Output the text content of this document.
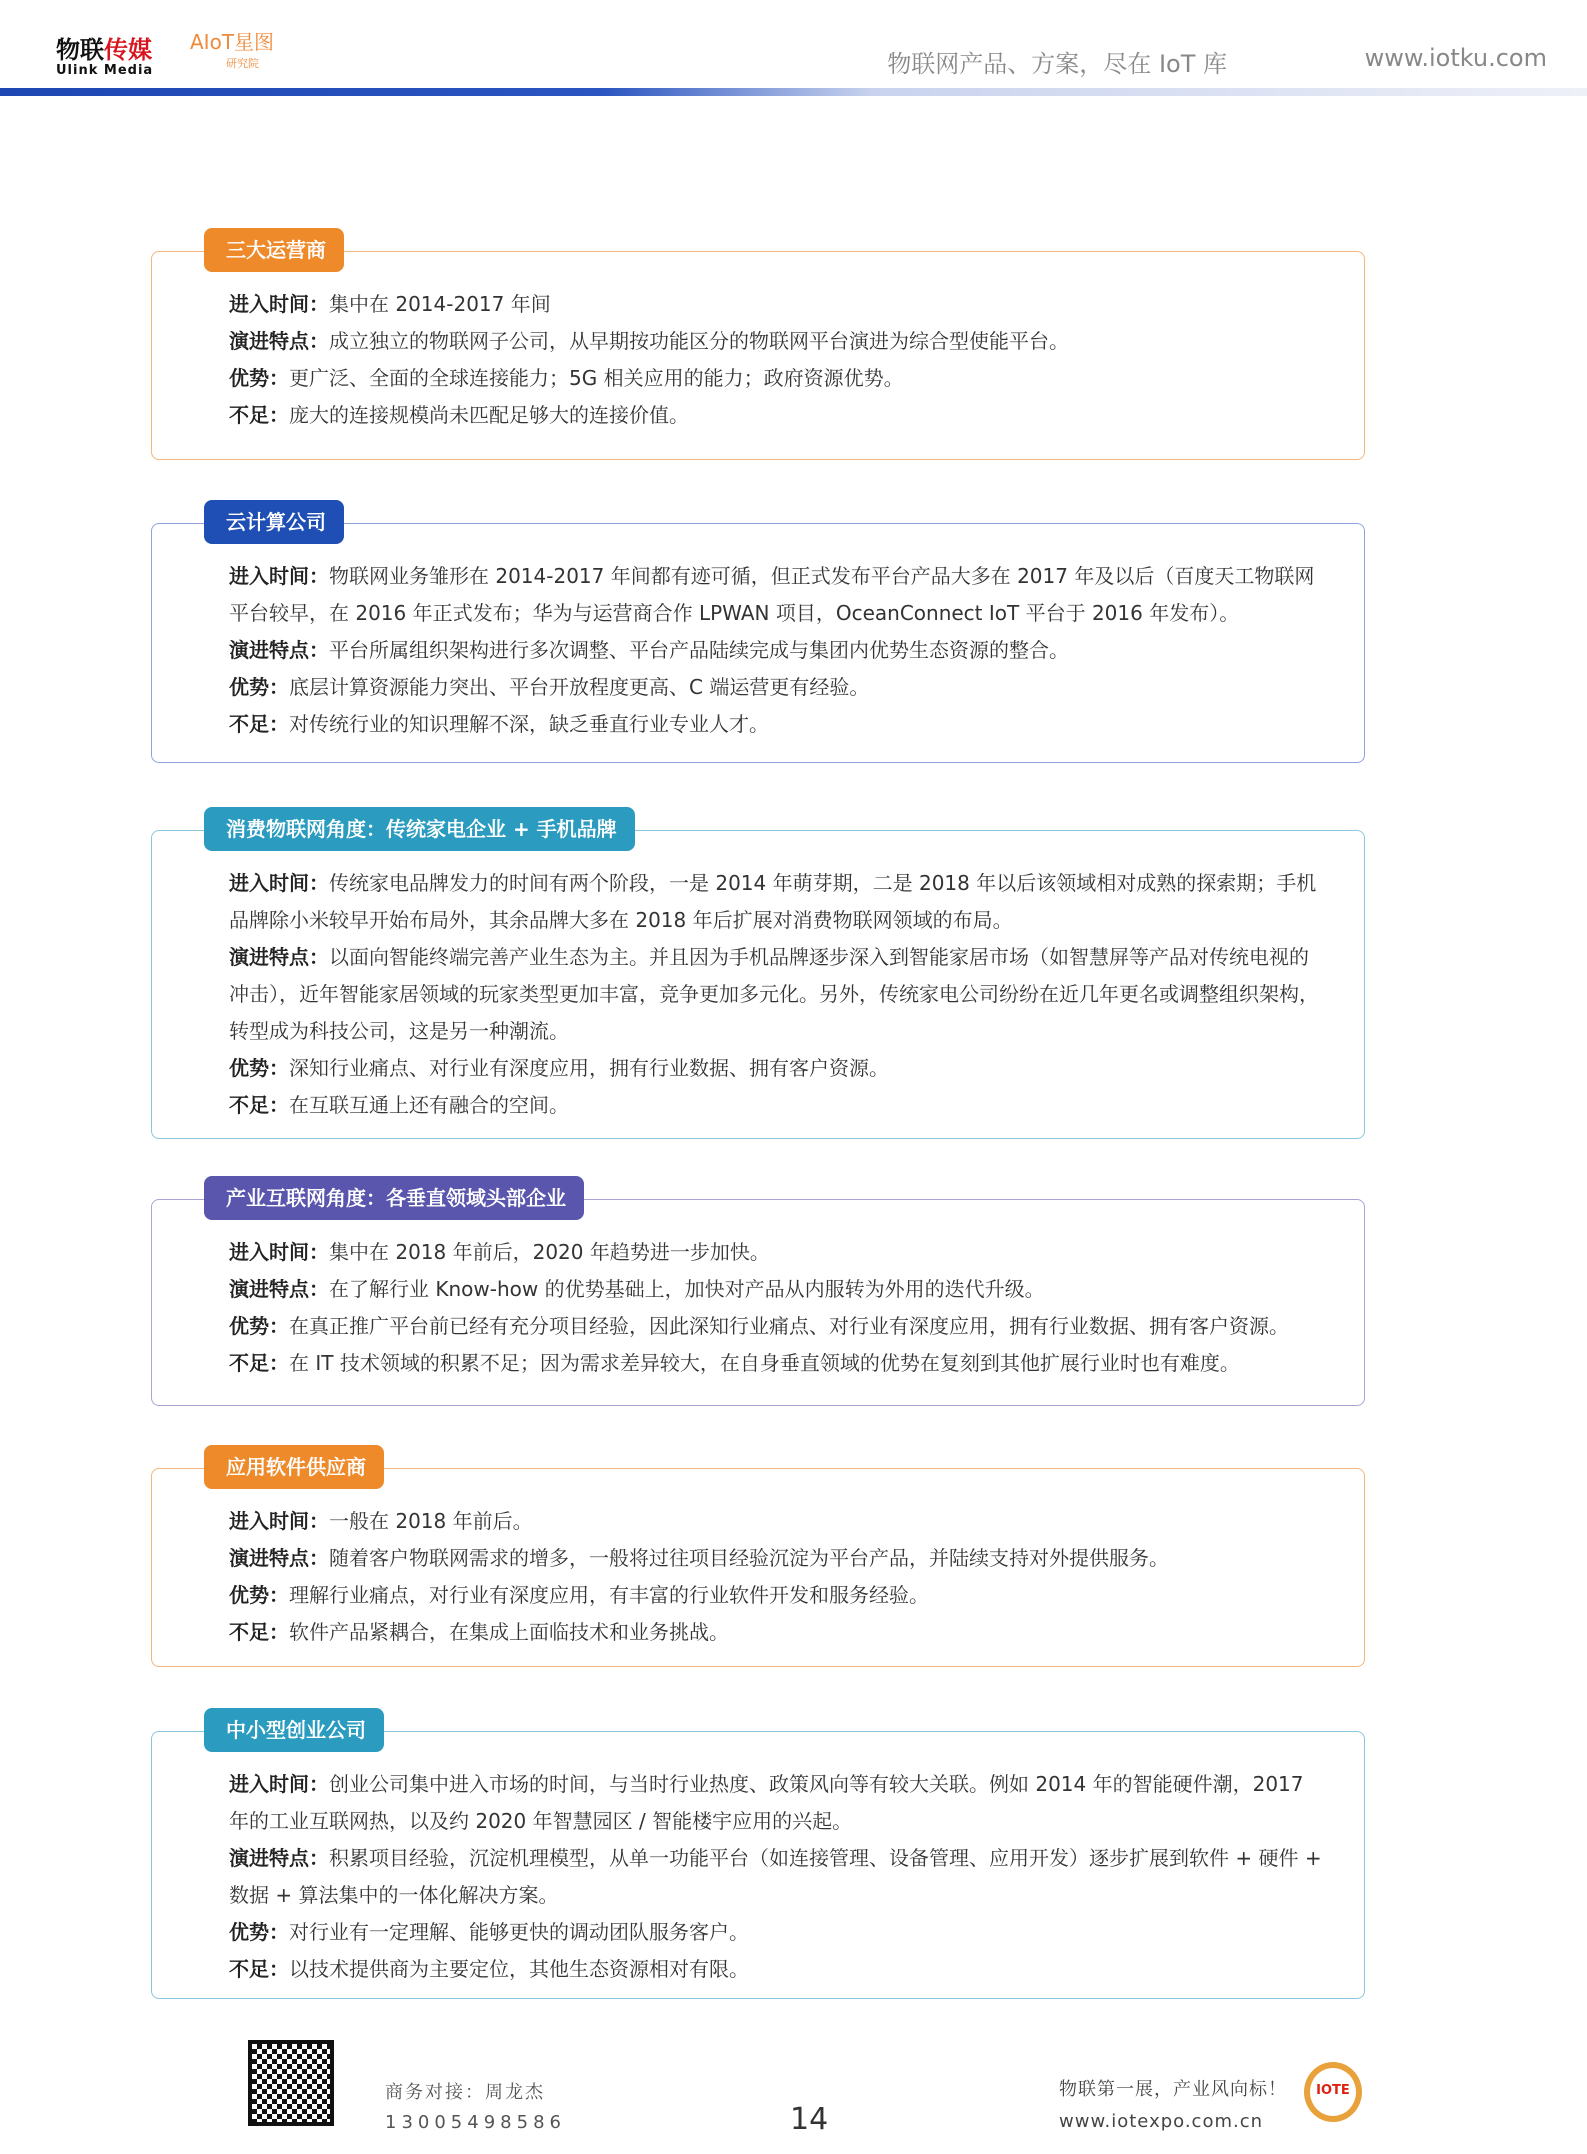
物联传媒
Ulink Media
AIoT星图
研究院	物联网产品、方案，尽在 IoT 库	www.iotku.com
三大运营商
进入时间：集中在 2014-2017 年间
演进特点：成立独立的物联网子公司，从早期按功能区分的物联网平台演进为综合型使能平台。
优势：更广泛、全面的全球连接能力；5G 相关应用的能力；政府资源优势。
不足：庞大的连接规模尚未匹配足够大的连接价值。
云计算公司
进入时间：物联网业务雏形在 2014-2017 年间都有迹可循，但正式发布平台产品大多在 2017 年及以后（百度天工物联网平台较早，在 2016 年正式发布；华为与运营商合作 LPWAN 项目，OceanConnect IoT 平台于 2016 年发布）。
演进特点：平台所属组织架构进行多次调整、平台产品陆续完成与集团内优势生态资源的整合。
优势：底层计算资源能力突出、平台开放程度更高、C 端运营更有经验。
不足：对传统行业的知识理解不深，缺乏垂直行业专业人才。
消费物联网角度：传统家电企业 + 手机品牌
进入时间：传统家电品牌发力的时间有两个阶段，一是 2014 年萌芽期，二是 2018 年以后该领域相对成熟的探索期；手机品牌除小米较早开始布局外，其余品牌大多在 2018 年后扩展对消费物联网领域的布局。
演进特点：以面向智能终端完善产业生态为主。并且因为手机品牌逐步深入到智能家居市场（如智慧屏等产品对传统电视的冲击），近年智能家居领域的玩家类型更加丰富，竞争更加多元化。另外，传统家电公司纷纷在近几年更名或调整组织架构，转型成为科技公司，这是另一种潮流。
优势：深知行业痛点、对行业有深度应用，拥有行业数据、拥有客户资源。
不足：在互联互通上还有融合的空间。
产业互联网角度：各垂直领域头部企业
进入时间：集中在 2018 年前后，2020 年趋势进一步加快。
演进特点：在了解行业 Know-how 的优势基础上，加快对产品从内服转为外用的迭代升级。
优势：在真正推广平台前已经有充分项目经验，因此深知行业痛点、对行业有深度应用，拥有行业数据、拥有客户资源。
不足：在 IT 技术领域的积累不足；因为需求差异较大，在自身垂直领域的优势在复刻到其他扩展行业时也有难度。
应用软件供应商
进入时间：一般在 2018 年前后。
演进特点：随着客户物联网需求的增多，一般将过往项目经验沉淀为平台产品，并陆续支持对外提供服务。
优势：理解行业痛点，对行业有深度应用，有丰富的行业软件开发和服务经验。
不足：软件产品紧耦合，在集成上面临技术和业务挑战。
中小型创业公司
进入时间：创业公司集中进入市场的时间，与当时行业热度、政策风向等有较大关联。例如 2014 年的智能硬件潮，2017 年的工业互联网热，以及约 2020 年智慧园区 / 智能楼宇应用的兴起。
演进特点：积累项目经验，沉淀机理模型，从单一功能平台（如连接管理、设备管理、应用开发）逐步扩展到软件 + 硬件 + 数据 + 算法集中的一体化解决方案。
优势：对行业有一定理解、能够更快的调动团队服务客户。
不足：以技术提供商为主要定位，其他生态资源相对有限。
商务对接：周龙杰
13005498586	14
物联第一展，产业风向标！
www.iotexpo.com.cn
IOTE
